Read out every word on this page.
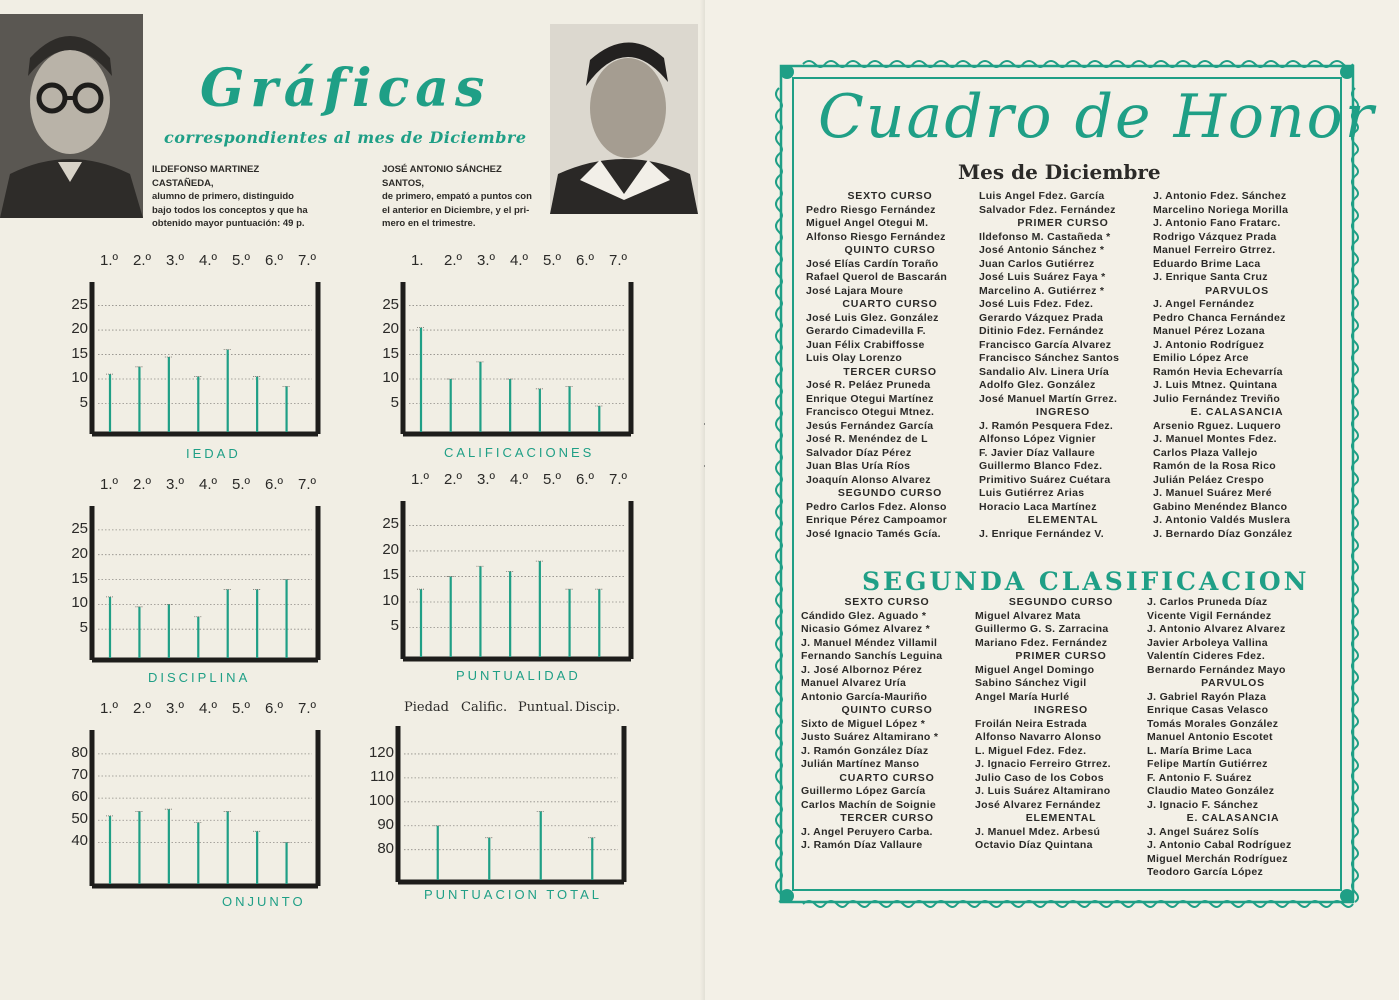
Gráficas
correspondientes al mes de Diciembre
ILDEFONSO MARTINEZ CASTAÑEDA,
alumno de primero, distinguido
bajo todos los conceptos y que ha
obtenido mayor puntuación: 49 p.
JOSÉ ANTONIO SÁNCHEZ SANTOS,
de primero, empató a puntos con
el anterior en Diciembre, y el pri-
mero en el trimestre.
1.º 2.º 3.º 4.º 5.º 6.º 7.º
25
20
15
10
5
IEDAD
1. 2.º 3.º 4.º 5.º 6.º 7.º
25
20
15
10
5
CALIFICACIONES
1.º 2.º 3.º 4.º 5.º 6.º 7.º
25
20
15
10
5
DISCIPLINA
1.º 2.º 3.º 4.º 5.º 6.º 7.º
25
20
15
10
5
PUNTUALIDAD
1.º 2.º 3.º 4.º 5.º 6.º 7.º
80
70
60
50
40
ONJUNTO
Piedad Calific. Puntual. Discip.
120
110
100
90
80
PUNTUACION TOTAL
Cuadro de Honor
Mes de Diciembre
SEGUNDA CLASIFICACION
SEXTO CURSO
Pedro Riesgo Fernández
Miguel Angel Otegui M.
Alfonso Riesgo Fernández
QUINTO CURSO
José Elías Cardín Toraño
Rafael Querol de Bascarán
José Lajara Moure
CUARTO CURSO
José Luis Glez. González
Gerardo Cimadevilla F.
Juan Félix Crabiffosse
Luis Olay Lorenzo
TERCER CURSO
José R. Peláez Pruneda
Enrique Otegui Martínez
Francisco Otegui Mtnez.
Jesús Fernández García
José R. Menéndez de L
Salvador Díaz Pérez
Juan Blas Uría Ríos
Joaquín Alonso Alvarez
SEGUNDO CURSO
Pedro Carlos Fdez. Alonso
Enrique Pérez Campoamor
José Ignacio Tamés Gcía.
Luis Angel Fdez. García
Salvador Fdez. Fernández
PRIMER CURSO
Ildefonso M. Castañeda *
José Antonio Sánchez *
Juan Carlos Gutiérrez
José Luis Suárez Faya *
Marcelino A. Gutiérrez *
José Luis Fdez. Fdez.
Gerardo Vázquez Prada
Ditinio Fdez. Fernández
Francisco García Alvarez
Francisco Sánchez Santos
Sandalio Alv. Linera Uría
Adolfo Glez. González
José Manuel Martín Grrez.
INGRESO
J. Ramón Pesquera Fdez.
Alfonso López Vignier
F. Javier Díaz Vallaure
Guillermo Blanco Fdez.
Primitivo Suárez Cuétara
Luis Gutiérrez Arias
Horacio Laca Martínez
ELEMENTAL
J. Enrique Fernández V.
J. Antonio Fdez. Sánchez
Marcelino Noriega Morilla
J. Antonio Fano Fratarc.
Rodrigo Vázquez Prada
Manuel Ferreiro Gtrrez.
Eduardo Brime Laca
J. Enrique Santa Cruz
PARVULOS
J. Angel Fernández
Pedro Chanca Fernández
Manuel Pérez Lozana
J. Antonio Rodríguez
Emilio López Arce
Ramón Hevia Echevarría
J. Luis Mtnez. Quintana
Julio Fernández Treviño
E. CALASANCIA
Arsenio Rguez. Luquero
J. Manuel Montes Fdez.
Carlos Plaza Vallejo
Ramón de la Rosa Rico
Julián Peláez Crespo
J. Manuel Suárez Meré
Gabino Menéndez Blanco
J. Antonio Valdés Muslera
J. Bernardo Díaz González
SEXTO CURSO
Cándido Glez. Aguado *
Nicasio Gómez Alvarez *
J. Manuel Méndez Villamil
Fernando Sanchís Leguina
J. José Albornoz Pérez
Manuel Alvarez Uría
Antonio García-Mauriño
QUINTO CURSO
Sixto de Miguel López *
Justo Suárez Altamirano *
J. Ramón González Díaz
Julián Martínez Manso
CUARTO CURSO
Guillermo López García
Carlos Machín de Soignie
TERCER CURSO
J. Angel Peruyero Carba.
J. Ramón Díaz Vallaure
SEGUNDO CURSO
Miguel Alvarez Mata
Guillermo G. S. Zarracina
Mariano Fdez. Fernández
PRIMER CURSO
Miguel Angel Domingo
Sabino Sánchez Vigil
Angel María Hurlé
INGRESO
Froilán Neira Estrada
Alfonso Navarro Alonso
L. Miguel Fdez. Fdez.
J. Ignacio Ferreiro Gtrrez.
Julio Caso de los Cobos
J. Luis Suárez Altamirano
José Alvarez Fernández
ELEMENTAL
J. Manuel Mdez. Arbesú
Octavio Díaz Quintana
J. Carlos Pruneda Díaz
Vicente Vigil Fernández
J. Antonio Alvarez Alvarez
Javier Arboleya Vallina
Valentín Cideres Fdez.
Bernardo Fernández Mayo
PARVULOS
J. Gabriel Rayón Plaza
Enrique Casas Velasco
Tomás Morales González
Manuel Antonio Escotet
L. María Brime Laca
Felipe Martín Gutiérrez
F. Antonio F. Suárez
Claudio Mateo González
J. Ignacio F. Sánchez
E. CALASANCIA
J. Angel Suárez Solís
J. Antonio Cabal Rodríguez
Miguel Merchán Rodríguez
Teodoro García López
